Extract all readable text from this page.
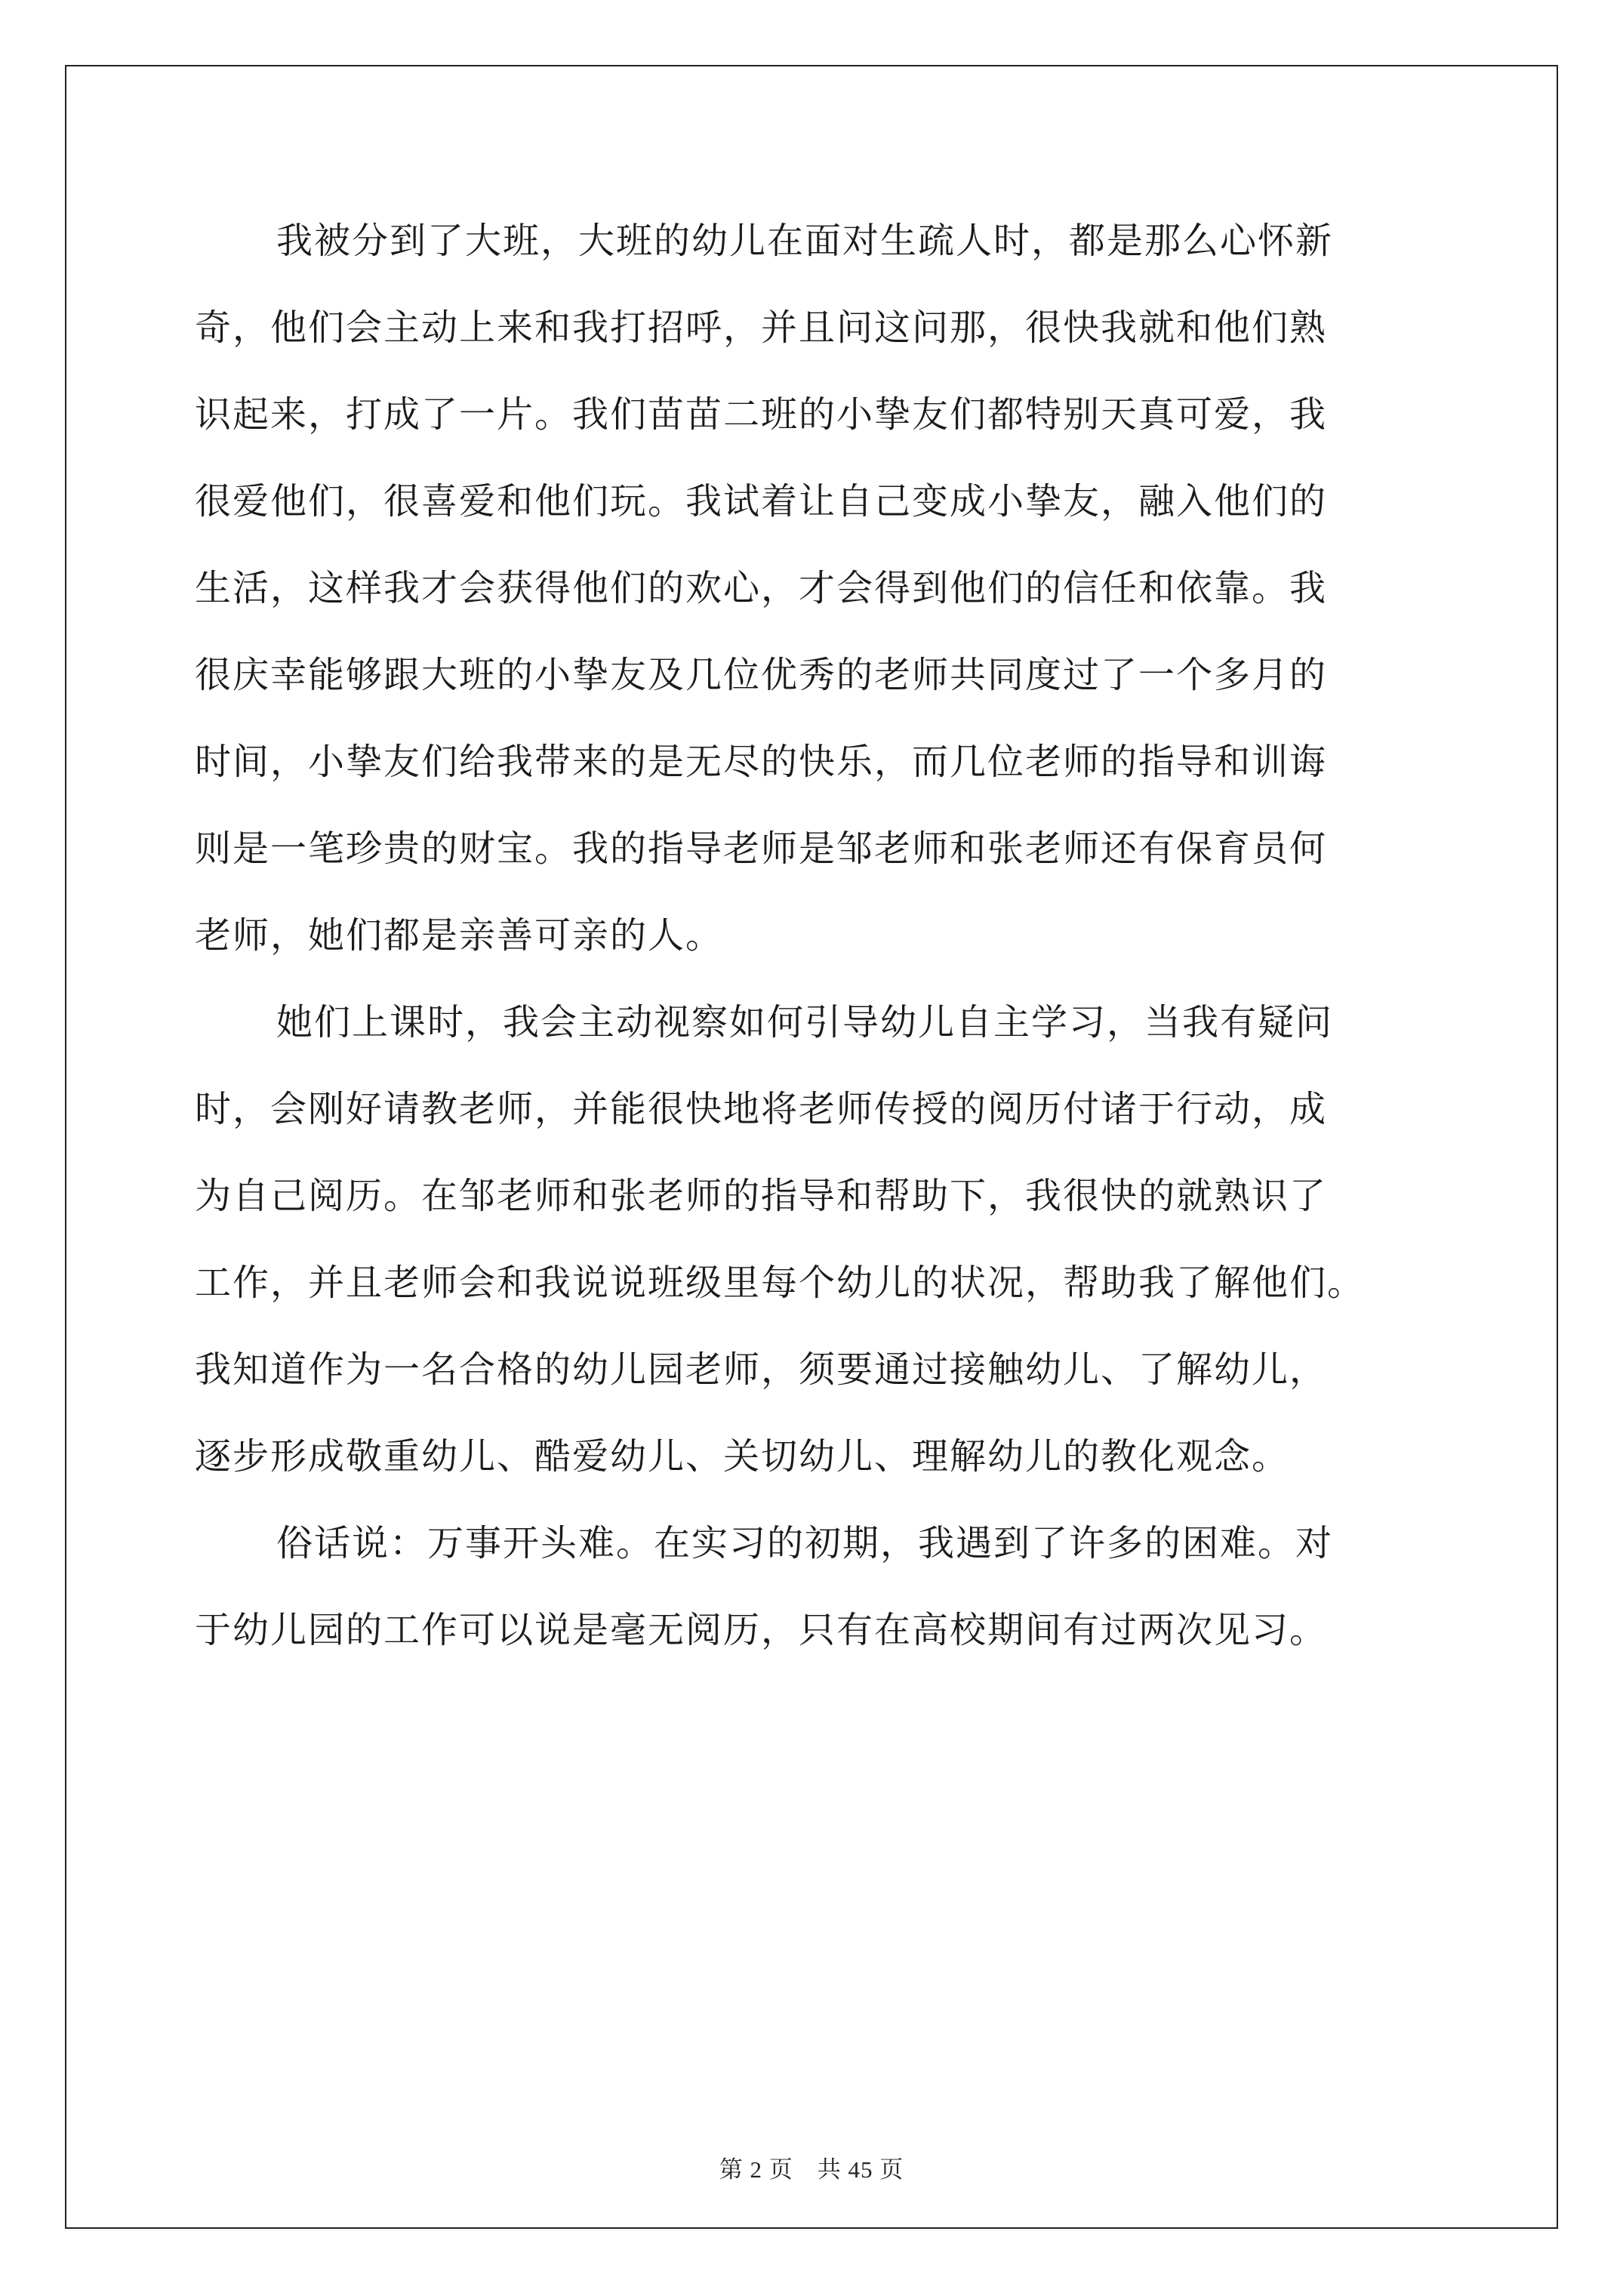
我被分到了大班，大班的幼儿在面对生疏人时，都是那么心怀新
奇，他们会主动上来和我打招呼，并且问这问那，很快我就和他们熟
识起来，打成了一片。我们苗苗二班的小挚友们都特别天真可爱，我
很爱他们，很喜爱和他们玩。我试着让自己变成小挚友，融入他们的
生活，这样我才会获得他们的欢心，才会得到他们的信任和依靠。我
很庆幸能够跟大班的小挚友及几位优秀的老师共同度过了一个多月的
时间，小挚友们给我带来的是无尽的快乐，而几位老师的指导和训诲
则是一笔珍贵的财宝。我的指导老师是邹老师和张老师还有保育员何
老师，她们都是亲善可亲的人。

她们上课时，我会主动视察如何引导幼儿自主学习，当我有疑问
时，会刚好请教老师，并能很快地将老师传授的阅历付诸于行动，成
为自己阅历。在邹老师和张老师的指导和帮助下，我很快的就熟识了
工作，并且老师会和我说说班级里每个幼儿的状况，帮助我了解他们。
我知道作为一名合格的幼儿园老师，须要通过接触幼儿、了解幼儿，
逐步形成敬重幼儿、酷爱幼儿、关切幼儿、理解幼儿的教化观念。

俗话说：万事开头难。在实习的初期，我遇到了许多的困难。对
于幼儿园的工作可以说是毫无阅历，只有在高校期间有过两次见习。

第 2 页　共 45 页
